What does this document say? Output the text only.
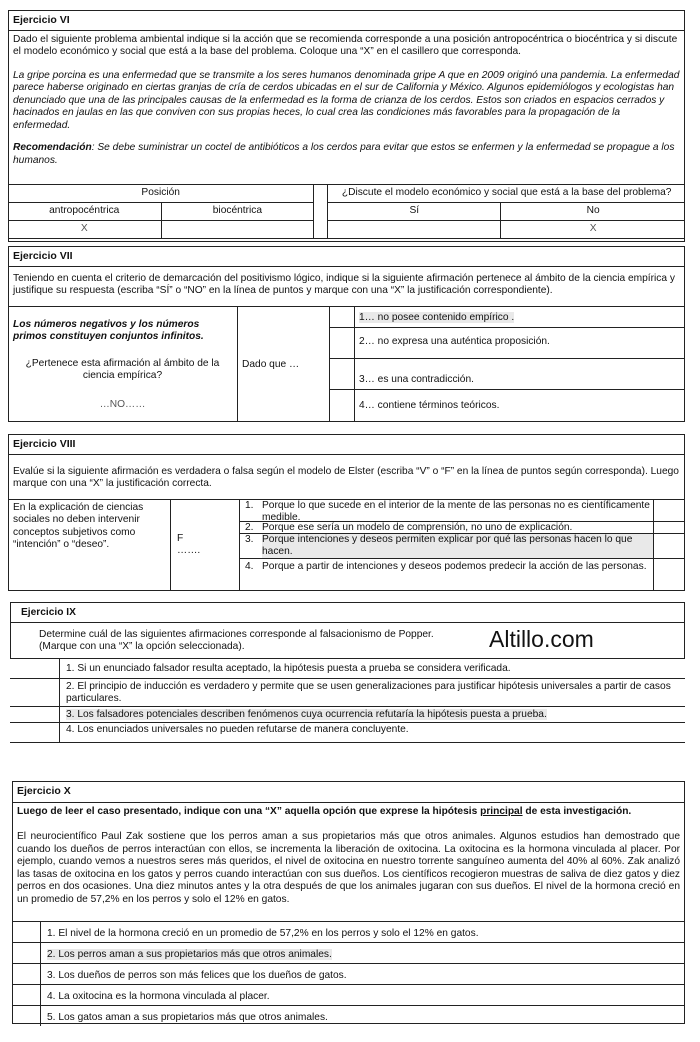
Ejercicio VI

Dado el siguiente problema ambiental indique si la acción que se recomienda corresponde a una posición antropocéntrica o biocéntrica y si discute el modelo económico y social que está a la base del problema. Coloque una “X” en el casillero que corresponda.

La gripe porcina es una enfermedad que se transmite a los seres humanos denominada gripe A que en 2009 originó una pandemia. La enfermedad parece haberse originado en ciertas granjas de cría de cerdos ubicadas en el sur de California y México. Algunos epidemiólogos y ecologistas han denunciado que una de las principales causas de la enfermedad es la forma de crianza de los cerdos. Estos son criados en espacios cerrados y hacinados en jaulas en las que conviven con sus propias heces, lo cual crea las condiciones más favorables para la propagación de la enfermedad.

Recomendación: Se debe suministrar un coctel de antibióticos a los cerdos para evitar que estos se enfermen y la enfermedad se propague a los humanos.

Posición			¿Discute el modelo económico y social que está a la base del problema?	
antropocéntrica	biocéntrica		Sí	No
X				X
Ejercicio VII

Teniendo en cuenta el criterio de demarcación del positivismo lógico, indique si la siguiente afirmación pertenece al ámbito de la ciencia empírica y justifique su respuesta (escriba “SÍ” o “NO” en la línea de puntos y marque con una “X” la justificación correspondiente).

Los números negativos y los números primos constituyen conjuntos infinitos.

¿Pertenece esta afirmación al ámbito de la ciencia empírica?

…NO……

Dado que …
1… no posee contenido empírico .
2… no expresa una auténtica proposición.
3… es una contradicción.
4… contiene términos teóricos.
Ejercicio VIII

Evalúe si la siguiente afirmación es verdadera o falsa según el modelo de Elster (escriba “V” o “F” en la línea de puntos según corresponda). Luego marque con una “X” la justificación correcta.

En la explicación de ciencias sociales no deben intervenir conceptos subjetivos como “intención” o “deseo”.

F
…….
1. Porque lo que sucede en el interior de la mente de las personas no es científicamente medible.
2. Porque ese sería un modelo de comprensión, no uno de explicación.
3. Porque intenciones y deseos permiten explicar por qué las personas hacen lo que hacen.
4. Porque a partir de intenciones y deseos podemos predecir la acción de las personas.
Ejercicio IX
Determine cuál de las siguientes afirmaciones corresponde al falsacionismo de Popper.
(Marque con una “X” la opción seleccionada).
1. Si un enunciado falsador resulta aceptado, la hipótesis puesta a prueba se considera verificada.
2. El principio de inducción es verdadero y permite que se usen generalizaciones para justificar hipótesis universales a partir de casos particulares.
3. Los falsadores potenciales describen fenómenos cuya ocurrencia refutaría la hipótesis puesta a prueba.
4. Los enunciados universales no pueden refutarse de manera concluyente.
Altillo.com
Ejercicio X

Luego de leer el caso presentado, indique con una “X” aquella opción que exprese la hipótesis principal de esta investigación.

El neurocientífico Paul Zak sostiene que los perros aman a sus propietarios más que otros animales. Algunos estudios han demostrado que cuando los dueños de perros interactúan con ellos, se incrementa la liberación de oxitocina. La oxitocina es la hormona vinculada al placer. Por ejemplo, cuando vemos a nuestros seres más queridos, el nivel de oxitocina en nuestro torrente sanguíneo aumenta del 40% al 60%. Zak analizó las tasas de oxitocina en los gatos y perros cuando interactúan con sus dueños. Los científicos recogieron muestras de saliva de diez gatos y diez perros en dos ocasiones. Una diez minutos antes y la otra después de que los animales jugaran con sus dueños. El nivel de la hormona creció en un promedio de 57,2% en los perros y solo el 12% en gatos.

1. El nivel de la hormona creció en un promedio de 57,2% en los perros y solo el 12% en gatos.
2. Los perros aman a sus propietarios más que otros animales.
3. Los dueños de perros son más felices que los dueños de gatos.
4. La oxitocina es la hormona vinculada al placer.
5. Los gatos aman a sus propietarios más que otros animales.
